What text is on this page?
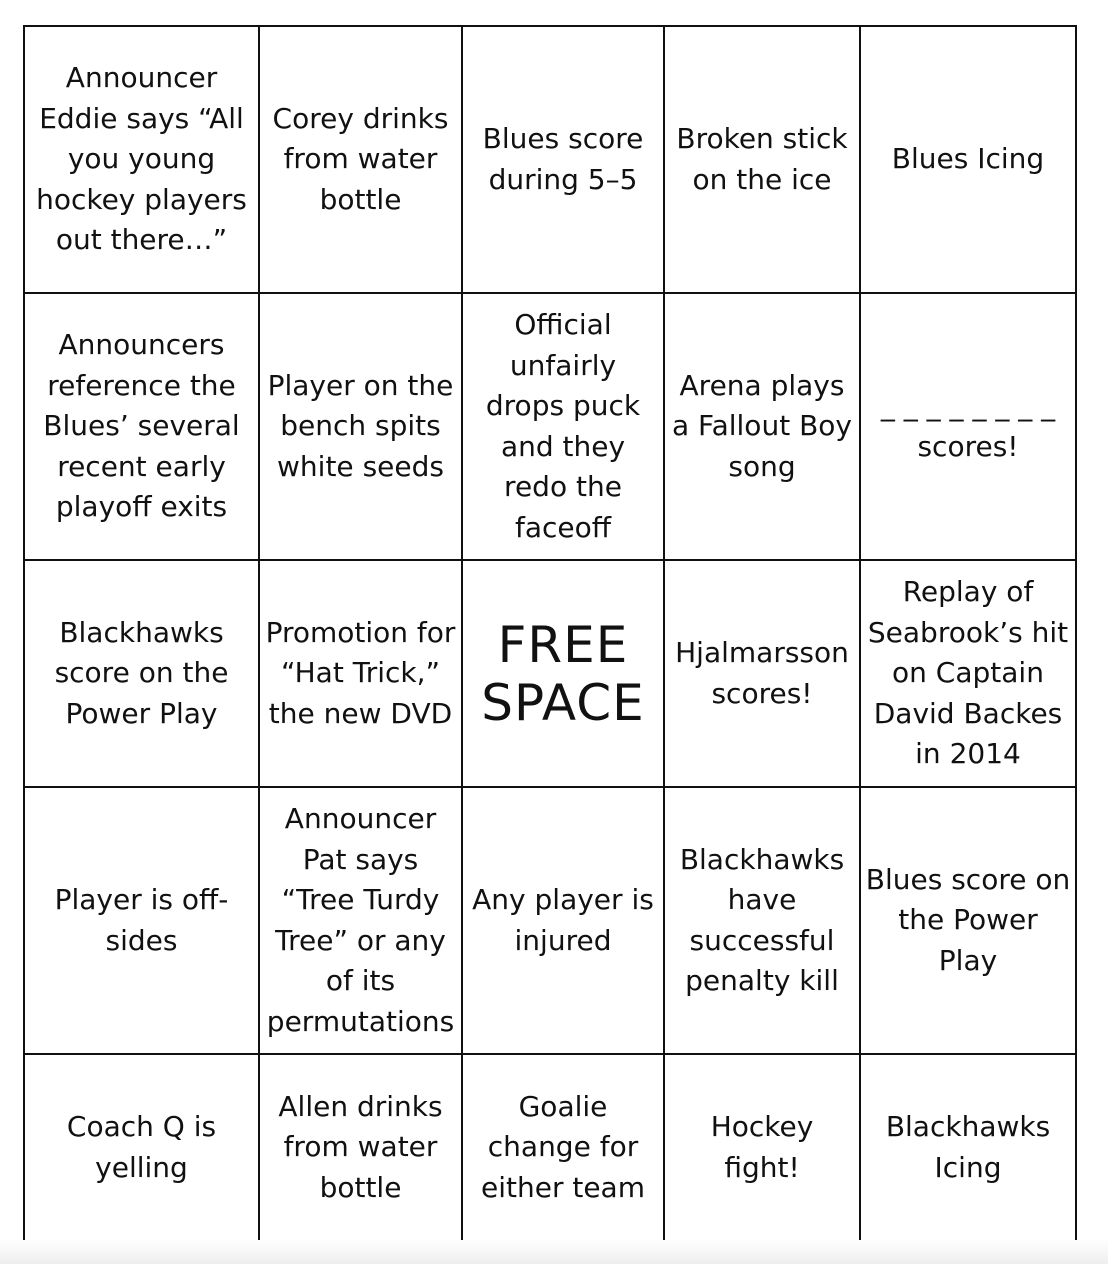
Announcer Eddie says “All you young hockey players out there…”	Corey drinks from water bottle	Blues score during 5–5	Broken stick on the ice	Blues Icing

Announcers reference the Blues’ several recent early playoff exits	Player on the bench spits white seeds	Official unfairly drops puck and they redo the faceoff	Arena plays a Fallout Boy song	_ _ _ _ _ _ _ _
scores!

Blackhawks score on the Power Play	Promotion for “Hat Trick,” the new DVD	FREE SPACE	Hjalmarsson scores!	Replay of Seabrook’s hit on Captain David Backes in 2014

Player is off-sides	Announcer Pat says “Tree Turdy Tree” or any of its permutations	Any player is injured	Blackhawks have successful penalty kill	Blues score on the Power Play

Coach Q is yelling	Allen drinks from water bottle	Goalie change for either team	Hockey fight!	Blackhawks Icing
